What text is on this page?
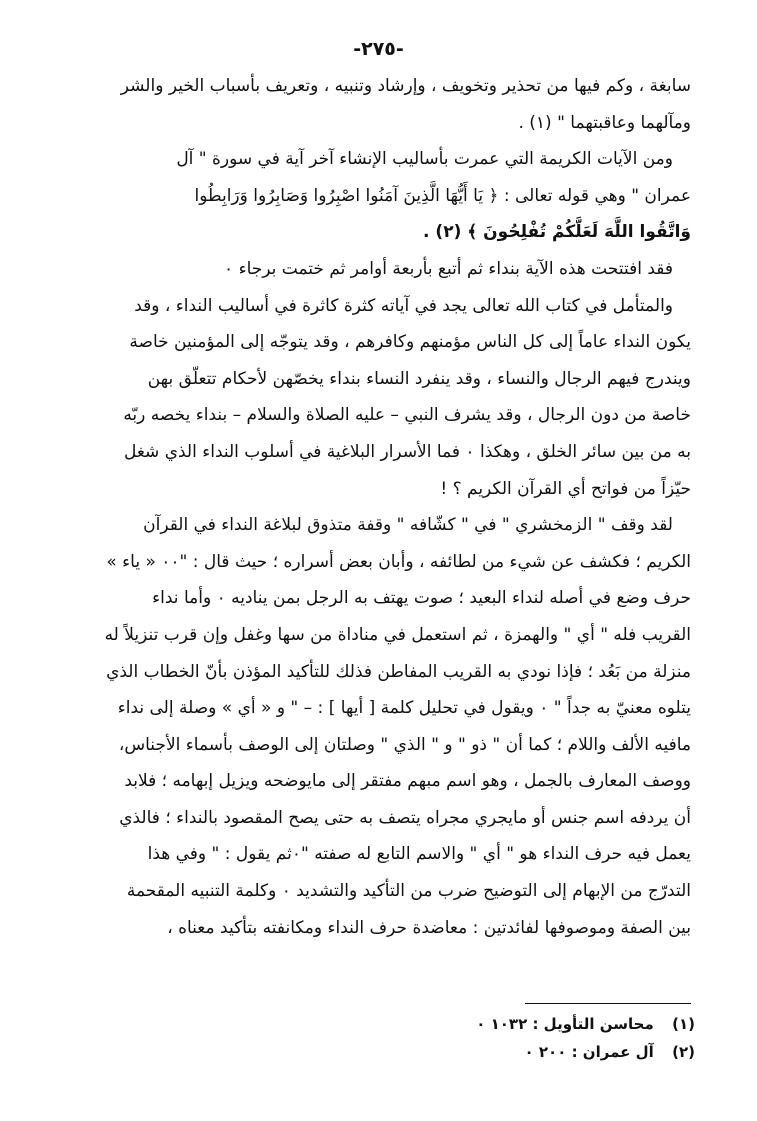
-٢٧٥-
سابغة ، وكم فيها من تحذير وتخويف ، وإرشاد وتنبيه ، وتعريف بأسباب الخير والشر
ومآلهما وعاقبتهما " (١) .
ومن الآيات الكريمة التي عمرت بأساليب الإنشاء آخر آية في سورة " آل
عمران " وهي قوله تعالى : ﴿ يَا أَيُّهَا الَّذِينَ آمَنُوا اصْبِرُوا وَصَابِرُوا وَرَابِطُوا
وَاتَّقُوا اللَّهَ لَعَلَّكُمْ تُفْلِحُونَ ﴾ (٢) .
فقد افتتحت هذه الآية بنداء ثم أتبع بأربعة أوامر ثم ختمت برجاء ٠
والمتأمل في كتاب الله تعالى يجد في آياته كثرة كاثرة في أساليب النداء ، وقد
يكون النداء عاماً إلى كل الناس مؤمنهم وكافرهم ، وقد يتوجّه إلى المؤمنين خاصة
ويندرج فيهم الرجال والنساء ، وقد ينفرد النساء بنداء يخصّهن لأحكام تتعلّق بهن
خاصة من دون الرجال ، وقد يشرف النبي – عليه الصلاة والسلام – بنداء يخصه ربّه
به من بين سائر الخلق ، وهكذا ٠ فما الأسرار البلاغية في أسلوب النداء الذي شغل
حيّزاً من فواتح أي القرآن الكريم ؟ !
لقد وقف " الزمخشري " في " كشّافه " وقفة متذوق لبلاغة النداء في القرآن
الكريم ؛ فكشف عن شيء من لطائفه ، وأبان بعض أسراره ؛ حيث قال : "٠٠ « ياء »
حرف وضع في أصله لنداء البعيد ؛ صوت يهتف به الرجل بمن يناديه ٠ وأما نداء
القريب فله " أي " والهمزة ، ثم استعمل في مناداة من سها وغفل وإن قرب تنزيلاً له
منزلة من بَعُد ؛ فإذا نودي به القريب المفاطن فذلك للتأكيد المؤذن بأنّ الخطاب الذي
يتلوه معنيّ به جداً " ٠ ويقول في تحليل كلمة [ أيها ] : – " و « أي » وصلة إلى نداء
مافيه الألف واللام ؛ كما أن " ذو " و " الذي " وصلتان إلى الوصف بأسماء الأجناس،
ووصف المعارف بالجمل ، وهو اسم مبهم مفتقر إلى مايوضحه ويزيل إبهامه ؛ فلابد
أن يردفه اسم جنس أو مايجري مجراه يتصف به حتى يصح المقصود بالنداء ؛ فالذي
يعمل فيه حرف النداء هو " أي " والاسم التابع له صفته "٠ثم يقول : " وفي هذا
التدرّج من الإبهام إلى التوضيح ضرب من التأكيد والتشديد ٠ وكلمة التنبيه المقحمة
بين الصفة وموصوفها لفائدتين : معاضدة حرف النداء ومكانفته بتأكيد معناه ،
(١) محاسن التأويل : ١٠٣٢ ٠
(٢) آل عمران : ٢٠٠ ٠
